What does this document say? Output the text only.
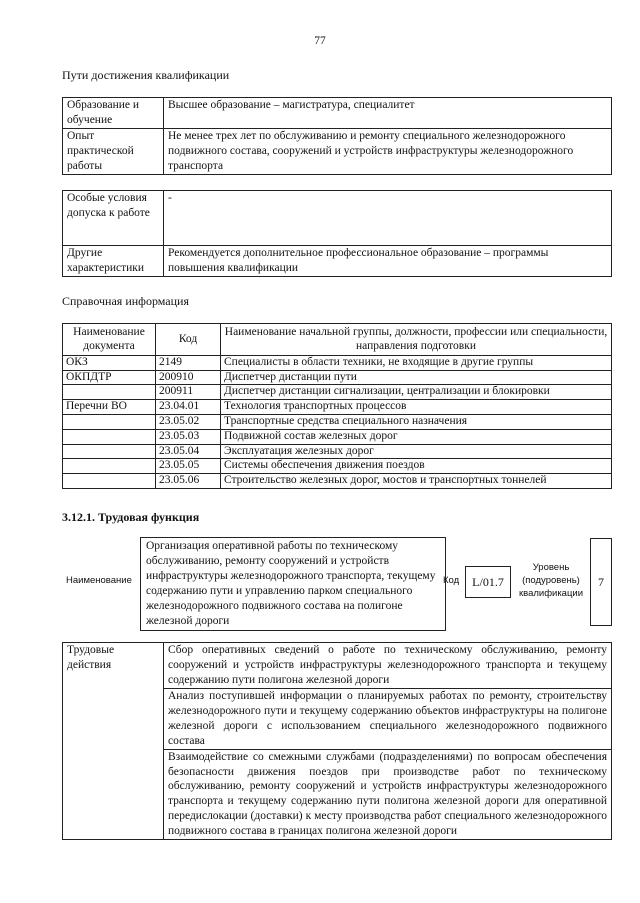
77
Пути достижения квалификации
Образование и обучение	Высшее образование – магистратура, специалитет
Опыт практической работы	Не менее трех лет по обслуживанию и ремонту специального железнодорожного подвижного состава, сооружений и устройств инфраструктуры железнодорожного транспорта
Особые условия допуска к работе	-
Другие характеристики	Рекомендуется дополнительное профессиональное образование – программы повышения квалификации
Справочная информация
Наименование документа	Код	Наименование начальной группы, должности, профессии или специальности, направления подготовки
ОКЗ	2149	Специалисты в области техники, не входящие в другие группы
ОКПДТР	200910	Диспетчер дистанции пути
	200911	Диспетчер дистанции сигнализации, централизации и блокировки
Перечни ВО	23.04.01	Технология транспортных процессов
	23.05.02	Транспортные средства специального назначения
	23.05.03	Подвижной состав железных дорог
	23.05.04	Эксплуатация железных дорог
	23.05.05	Системы обеспечения движения поездов
	23.05.06	Строительство железных дорог, мостов и транспортных тоннелей
3.12.1. Трудовая функция
Наименование
Организация оперативной работы по техническому обслуживанию, ремонту сооружений и устройств инфраструктуры железнодорожного транспорта, текущему содержанию пути и управлению парком специального железнодорожного подвижного состава на полигоне железной дороги
Код	L/01.7
Уровень (подуровень) квалификации
7
Трудовые действия	Сбор оперативных сведений о работе по техническому обслуживанию, ремонту сооружений и устройств инфраструктуры железнодорожного транспорта и текущему содержанию пути полигона железной дороги
Анализ поступившей информации о планируемых работах по ремонту, строительству железнодорожного пути и текущему содержанию объектов инфраструктуры на полигоне железной дороги с использованием специального железнодорожного подвижного состава
Взаимодействие со смежными службами (подразделениями) по вопросам обеспечения безопасности движения поездов при производстве работ по техническому обслуживанию, ремонту сооружений и устройств инфраструктуры железнодорожного транспорта и текущему содержанию пути полигона железной дороги для оперативной передислокации (доставки) к месту производства работ специального железнодорожного подвижного состава в границах полигона железной дороги
